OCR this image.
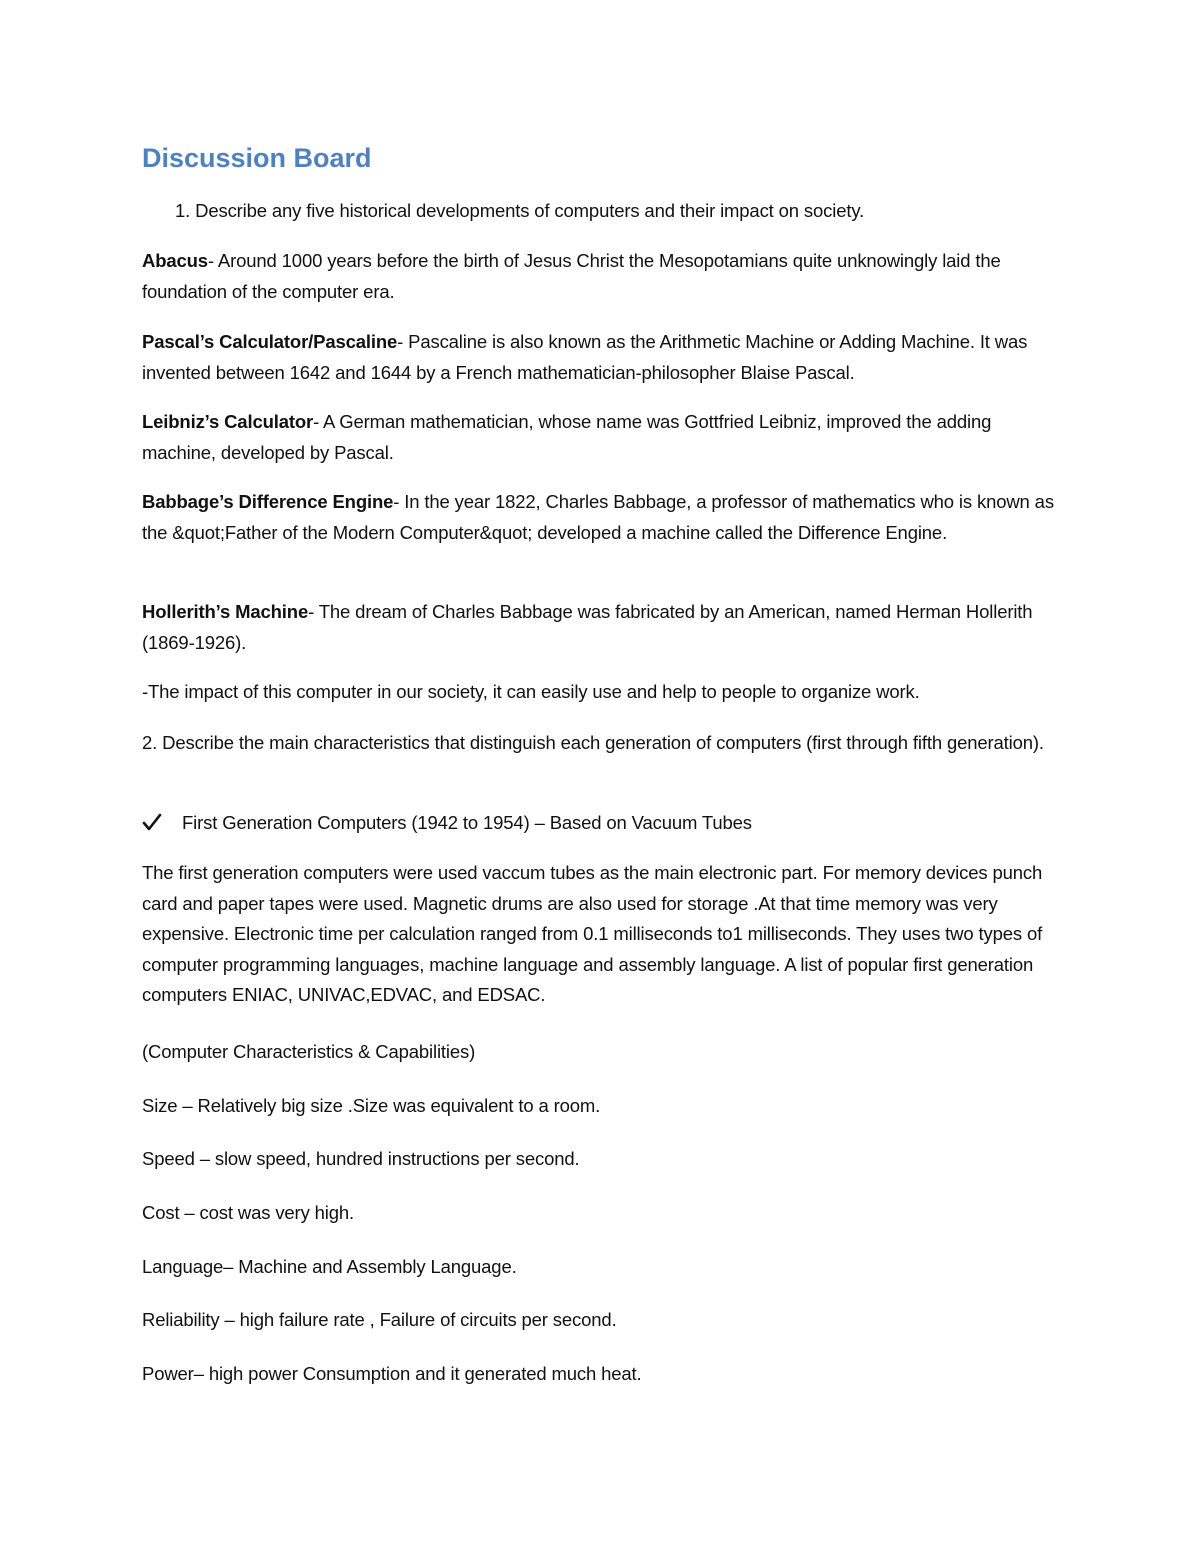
Discussion Board

1. Describe any five historical developments of computers and their impact on society.

Abacus- Around 1000 years before the birth of Jesus Christ the Mesopotamians quite unknowingly laid the foundation of the computer era.

Pascal’s Calculator/Pascaline- Pascaline is also known as the Arithmetic Machine or Adding Machine. It was invented between 1642 and 1644 by a French mathematician-philosopher Blaise Pascal.

Leibniz’s Calculator- A German mathematician, whose name was Gottfried Leibniz, improved the adding machine, developed by Pascal.

Babbage’s Difference Engine- In the year 1822, Charles Babbage, a professor of mathematics who is known as the &quot;Father of the Modern Computer&quot; developed a machine called the Difference Engine.

Hollerith’s Machine- The dream of Charles Babbage was fabricated by an American, named Herman Hollerith (1869-1926).

-The impact of this computer in our society, it can easily use and help to people to organize work.

2. Describe the main characteristics that distinguish each generation of computers (first through fifth generation).

First Generation Computers (1942 to 1954) – Based on Vacuum Tubes

The first generation computers were used vaccum tubes as the main electronic part. For memory devices punch card and paper tapes were used. Magnetic drums are also used for storage .At that time memory was very expensive. Electronic time per calculation ranged from 0.1 milliseconds to1 milliseconds. They uses two types of computer programming languages, machine language and assembly language. A list of popular first generation computers ENIAC, UNIVAC,EDVAC, and EDSAC.

(Computer Characteristics & Capabilities)

Size – Relatively big size .Size was equivalent to a room.

Speed – slow speed, hundred instructions per second.

Cost – cost was very high.

Language– Machine and Assembly Language.

Reliability – high failure rate , Failure of circuits per second.

Power– high power Consumption and it generated much heat.
